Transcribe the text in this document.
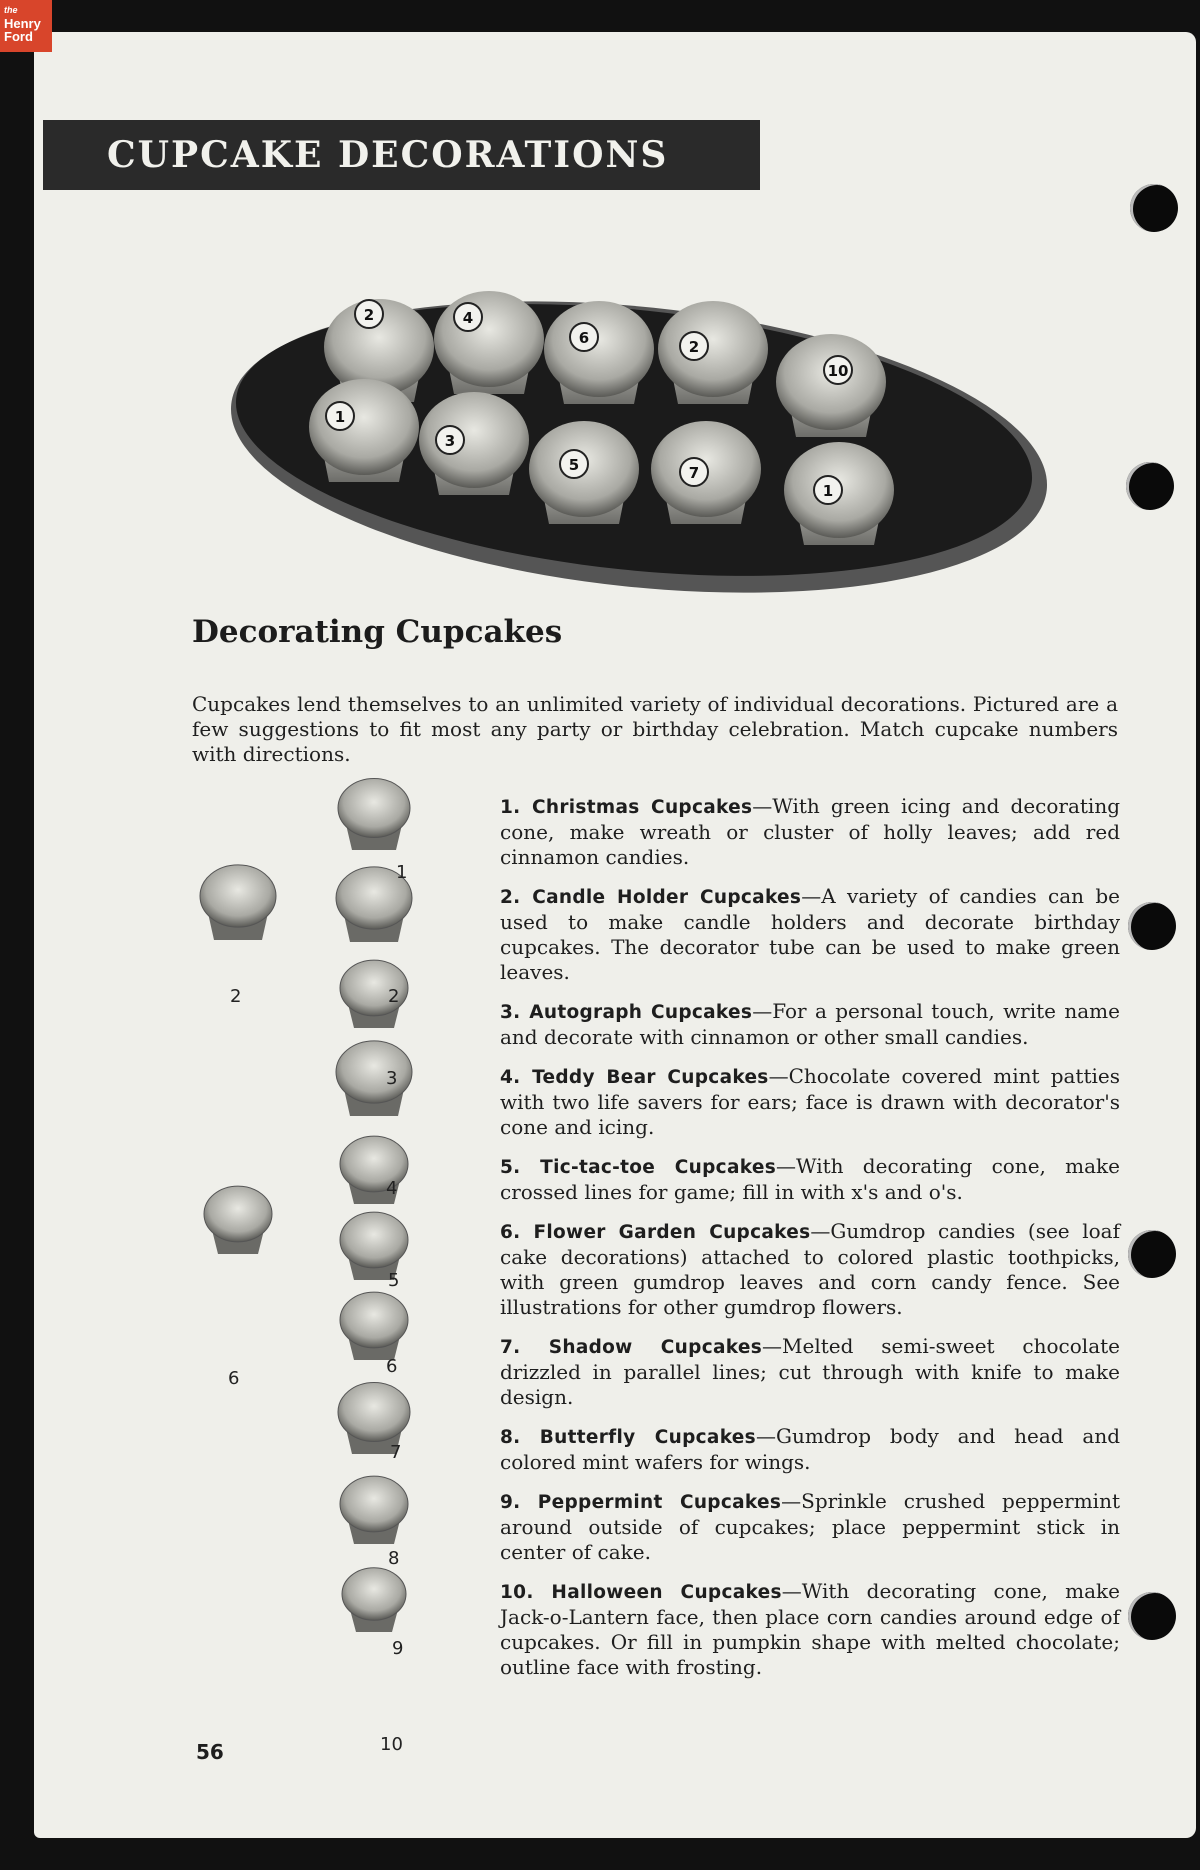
the
Henry
Ford
CUPCAKE DECORATIONS
2	4
6	2
10
1
3
5	7
1
Decorating Cupcakes

Cupcakes lend themselves to an unlimited variety of individual decorations. Pictured are a few suggestions to fit most any party or birthday celebration. Match cupcake numbers with directions.

1
2	2
3
4
5
6
6
7
8
9
10

1. Christmas Cupcakes—With green icing and decorating cone, make wreath or cluster of holly leaves; add red cinnamon candies.

2. Candle Holder Cupcakes—A variety of candies can be used to make candle holders and decorate birthday cupcakes. The decorator tube can be used to make green leaves.

3. Autograph Cupcakes—For a personal touch, write name and decorate with cinnamon or other small candies.

4. Teddy Bear Cupcakes—Chocolate covered mint patties with two life savers for ears; face is drawn with decorator's cone and icing.

5. Tic-tac-toe Cupcakes—With decorating cone, make crossed lines for game; fill in with x's and o's.

6. Flower Garden Cupcakes—Gumdrop candies (see loaf cake decorations) attached to colored plastic toothpicks, with green gumdrop leaves and corn candy fence. See illustrations for other gumdrop flowers.

7. Shadow Cupcakes—Melted semi-sweet chocolate drizzled in parallel lines; cut through with knife to make design.

8. Butterfly Cupcakes—Gumdrop body and head and colored mint wafers for wings.

9. Peppermint Cupcakes—Sprinkle crushed peppermint around outside of cupcakes; place peppermint stick in center of cake.

10. Halloween Cupcakes—With decorating cone, make Jack-o-Lantern face, then place corn candies around edge of cupcakes. Or fill in pumpkin shape with melted chocolate; outline face with frosting.

56
